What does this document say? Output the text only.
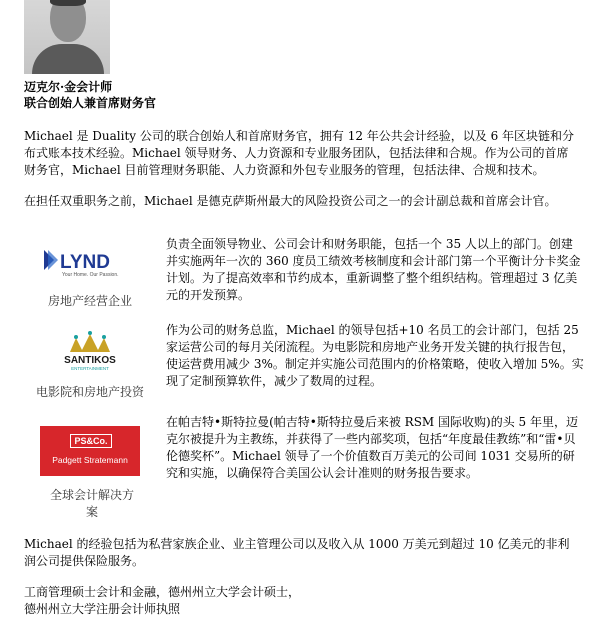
迈克尔·金会计师
联合创始人兼首席财务官

Michael 是 Duality 公司的联合创始人和首席财务官，拥有 12 年公共会计经验，以及 6 年区块链和分布式账本技术经验。Michael 领导财务、人力资源和专业服务团队，包括法律和合规。作为公司的首席财务官，Michael 目前管理财务职能、人力资源和外包专业服务的管理，包括法律、合规和技术。

在担任双重职务之前，Michael 是德克萨斯州最大的风险投资公司之一的会计副总裁和首席会计官。

LYND
Your Home. Our Passion.
房地产经营企业

负责全面领导物业、公司会计和财务职能，包括一个 35 人以上的部门。创建并实施两年一次的 360 度员工绩效考核制度和会计部门第一个平衡计分卡奖金计划。为了提高效率和节约成本，重新调整了整个组织结构。管理超过 3 亿美元的开发预算。

SANTIKOS
ENTERTAINMENT
电影院和房地产投资

作为公司的财务总监，Michael 的领导包括+10 名员工的会计部门，包括 25 家运营公司的每月关闭流程。为电影院和房地产业务开发关键的执行报告包，使运营费用减少 3%。制定并实施公司范围内的价格策略，使收入增加 5%。实现了定制预算软件，减少了数周的过程。

PS&Co.
Padgett Stratemann
全球会计解决方
案

在帕吉特•斯特拉曼(帕吉特•斯特拉曼后来被 RSM 国际收购)的头 5 年里，迈克尔被提升为主教练，并获得了一些内部奖项，包括“年度最佳教练”和“雷•贝伦德奖杯”。Michael 领导了一个价值数百万美元的公司间 1031 交易所的研究和实施，以确保符合美国公认会计准则的财务报告要求。

Michael 的经验包括为私营家族企业、业主管理公司以及收入从 1000 万美元到超过 10 亿美元的非利润公司提供保险服务。

工商管理硕士会计和金融，德州州立大学会计硕士，

德州州立大学注册会计师执照
